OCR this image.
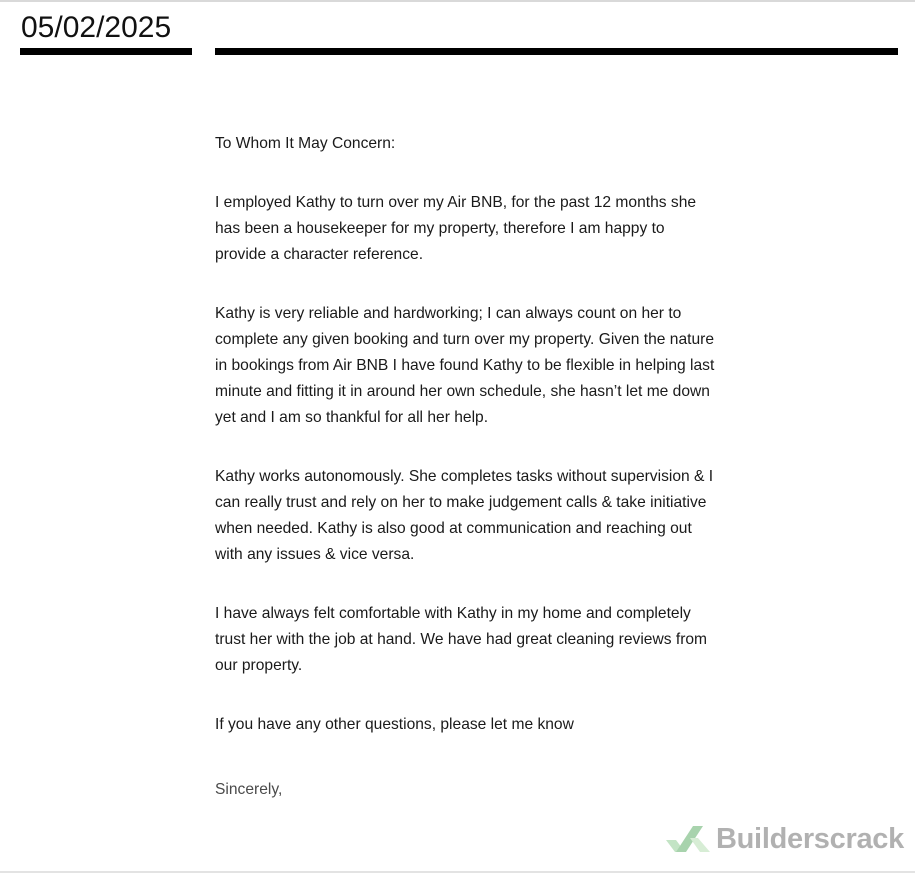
05/02/2025

To Whom It May Concern:

I employed Kathy to turn over my Air BNB, for the past 12 months she has been a housekeeper for my property, therefore I am happy to provide a character reference.

Kathy is very reliable and hardworking; I can always count on her to complete any given booking and turn over my property. Given the nature in bookings from Air BNB I have found Kathy to be flexible in helping last minute and fitting it in around her own schedule, she hasn’t let me down yet and I am so thankful for all her help.

Kathy works autonomously. She completes tasks without supervision & I can really trust and rely on her to make judgement calls & take initiative when needed. Kathy is also good at communication and reaching out with any issues & vice versa.

I have always felt comfortable with Kathy in my home and completely trust her with the job at hand. We have had great cleaning reviews from our property.

If you have any other questions, please let me know

Sincerely,

Builderscrack
